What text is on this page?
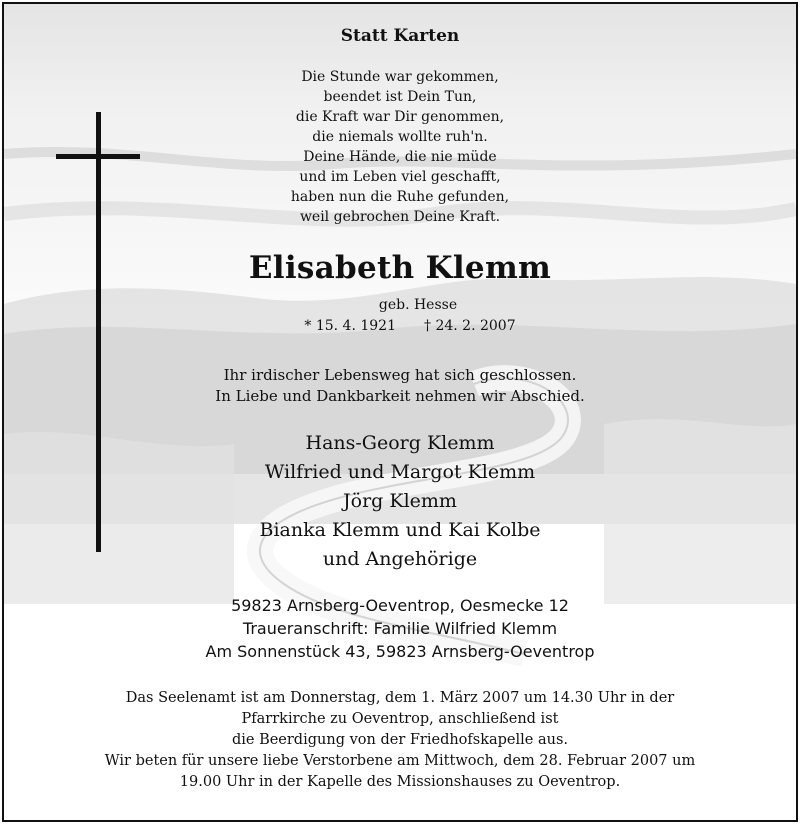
Statt Karten
Die Stunde war gekommen,
beendet ist Dein Tun,
die Kraft war Dir genommen,
die niemals wollte ruh'n.
Deine Hände, die nie müde
und im Leben viel geschafft,
haben nun die Ruhe gefunden,
weil gebrochen Deine Kraft.
Elisabeth Klemm
geb. Hesse
* 15. 4. 1921 † 24. 2. 2007
Ihr irdischer Lebensweg hat sich geschlossen.
In Liebe und Dankbarkeit nehmen wir Abschied.
Hans-Georg Klemm
Wilfried und Margot Klemm
Jörg Klemm
Bianka Klemm und Kai Kolbe
und Angehörige
59823 Arnsberg-Oeventrop, Oesmecke 12
Traueranschrift: Familie Wilfried Klemm
Am Sonnenstück 43, 59823 Arnsberg-Oeventrop
Das Seelenamt ist am Donnerstag, dem 1. März 2007 um 14.30 Uhr in der
Pfarrkirche zu Oeventrop, anschließend ist
die Beerdigung von der Friedhofskapelle aus.
Wir beten für unsere liebe Verstorbene am Mittwoch, dem 28. Februar 2007 um
19.00 Uhr in der Kapelle des Missionshauses zu Oeventrop.
